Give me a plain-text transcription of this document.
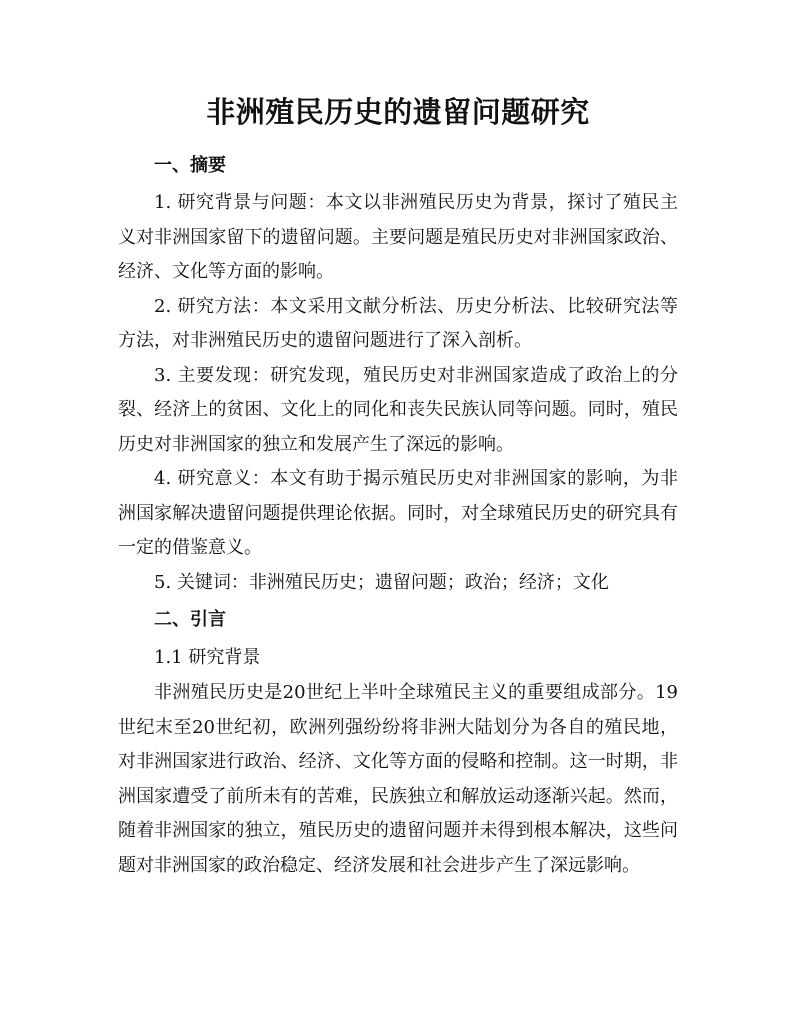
非洲殖民历史的遗留问题研究
一、摘要

1. 研究背景与问题：本文以非洲殖民历史为背景，探讨了殖民主义对非洲国家留下的遗留问题。主要问题是殖民历史对非洲国家政治、经济、文化等方面的影响。

2. 研究方法：本文采用文献分析法、历史分析法、比较研究法等方法，对非洲殖民历史的遗留问题进行了深入剖析。

3. 主要发现：研究发现，殖民历史对非洲国家造成了政治上的分裂、经济上的贫困、文化上的同化和丧失民族认同等问题。同时，殖民历史对非洲国家的独立和发展产生了深远的影响。

4. 研究意义：本文有助于揭示殖民历史对非洲国家的影响，为非洲国家解决遗留问题提供理论依据。同时，对全球殖民历史的研究具有一定的借鉴意义。

5. 关键词：非洲殖民历史；遗留问题；政治；经济；文化

二、引言

1.1 研究背景

非洲殖民历史是20世纪上半叶全球殖民主义的重要组成部分。19世纪末至20世纪初，欧洲列强纷纷将非洲大陆划分为各自的殖民地，对非洲国家进行政治、经济、文化等方面的侵略和控制。这一时期，非洲国家遭受了前所未有的苦难，民族独立和解放运动逐渐兴起。然而，随着非洲国家的独立，殖民历史的遗留问题并未得到根本解决，这些问题对非洲国家的政治稳定、经济发展和社会进步产生了深远影响。
